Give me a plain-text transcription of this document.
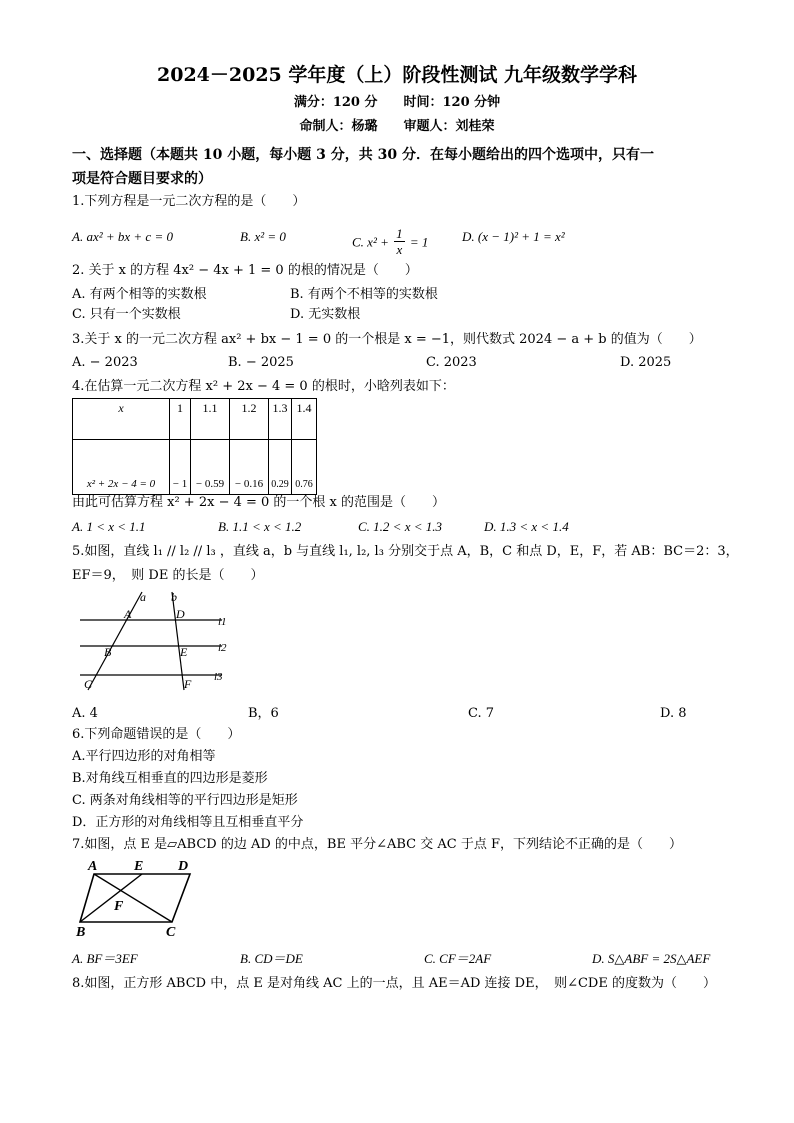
2024－2025 学年度（上）阶段性测试 九年级数学学科
满分：120 分　　时间：120 分钟
命制人：杨璐　　审题人：刘桂荣
一、选择题（本题共 10 小题，每小题 3 分，共 30 分．在每小题给出的四个选项中，只有一
项是符合题目要求的）
1.下列方程是一元二次方程的是（　　）
A. ax² + bx + c = 0	B. x² = 0	C. $x^2 + \frac{1}{x} = 1$	D. (x − 1)² + 1 = x²
2. 关于 x 的方程 4x² − 4x + 1 = 0 的根的情况是（　　）
A. 有两个相等的实数根	B. 有两个不相等的实数根
C. 只有一个实数根	D. 无实数根
3.关于 x 的一元二次方程 ax² + bx − 1 = 0 的一个根是 x = −1，则代数式 2024 − a + b 的值为（　　）
A. − 2023	B. − 2025	C. 2023	D. 2025
4.在估算一元二次方程 x² + 2x − 4 = 0 的根时，小晗列表如下：
x	1	1.1	1.2	1.3	1.4
x² + 2x − 4 = 0	− 1	− 0.59	− 0.16	0.29	0.76
由此可估算方程 x² + 2x − 4 = 0 的一个根 x 的范围是（　　）
A. 1 < x < 1.1	B. 1.1 < x < 1.2	C. 1.2 < x < 1.3	D. 1.3 < x < 1.4
5.如图，直线 l₁ // l₂ // l₃ ，直线 a，b 与直线 l₁, l₂, l₃ 分别交于点 A，B，C 和点 D，E，F，若 AB：BC＝2：3，
EF＝9，　则 DE 的长是（　　）
a b
A	D
B	E
C	F
l1
l2
l3
A. 4	B，6	C. 7	D. 8
6.下列命题错误的是（　　）
A.平行四边形的对角相等
B.对角线互相垂直的四边形是菱形
C. 两条对角线相等的平行四边形是矩形
D．正方形的对角线相等且互相垂直平分
7.如图，点 E 是▱ABCD 的边 AD 的中点，BE 平分∠ABC 交 AC 于点 F，下列结论不正确的是（　　）
A	E D
F
B	C
A. BF＝3EF	B. CD＝DE	C. CF＝2AF	D. S△ABF = 2S△AEF
8.如图，正方形 ABCD 中，点 E 是对角线 AC 上的一点，且 AE＝AD 连接 DE，　则∠CDE 的度数为（　　）
